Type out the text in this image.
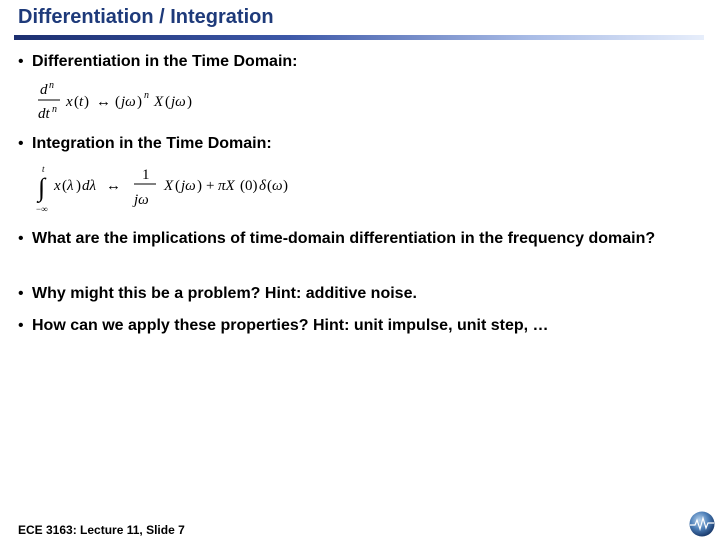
Differentiation / Integration
• Differentiation in the Time Domain:
d n
dt n x ( t ) ↔ ( jω ) n X ( jω )
• Integration in the Time Domain:
t
∫
−∞
x ( λ ) dλ ↔
1
jω
X ( jω ) + πX (0) δ ( ω )
• What are the implications of time-domain differentiation in the frequency domain?
• Why might this be a problem? Hint: additive noise.
• How can we apply these properties? Hint: unit impulse, unit step, …
ECE 3163: Lecture 11, Slide 7
